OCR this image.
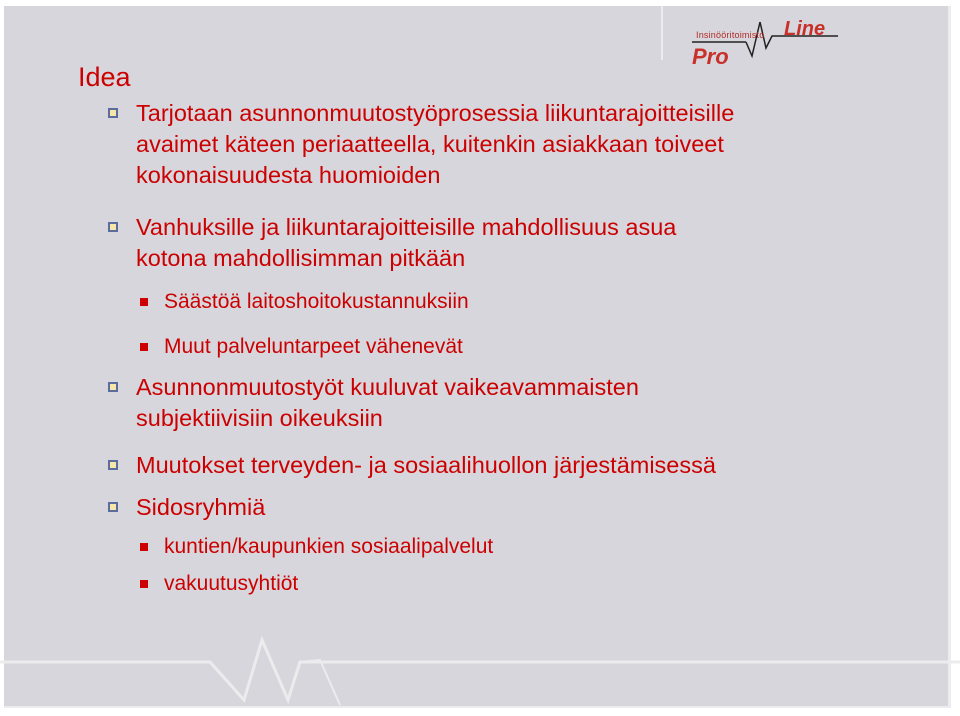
Insinööritoimisto Line
Pro
Idea
Tarjotaan asunnonmuutostyöprosessia liikuntarajoitteisille
avaimet käteen periaatteella, kuitenkin asiakkaan toiveet
kokonaisuudesta huomioiden
Vanhuksille ja liikuntarajoitteisille mahdollisuus asua
kotona mahdollisimman pitkään
Säästöä laitoshoitokustannuksiin
Muut palveluntarpeet vähenevät
Asunnonmuutostyöt kuuluvat vaikeavammaisten
subjektiivisiin oikeuksiin
Muutokset terveyden- ja sosiaalihuollon järjestämisessä
Sidosryhmiä
kuntien/kaupunkien sosiaalipalvelut
vakuutusyhtiöt
